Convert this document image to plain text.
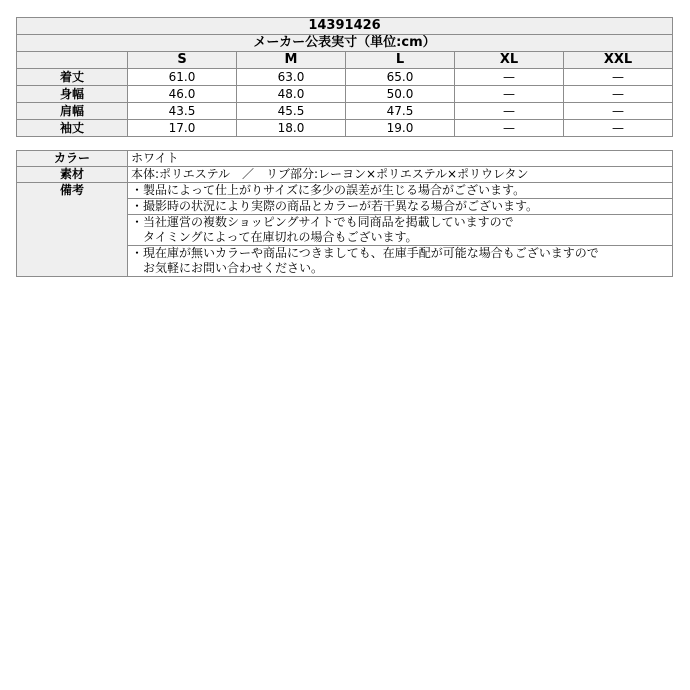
14391426					
メーカー公表実寸（単位:cm）					
	S	M	L	XL	XXL
着丈	61.0	63.0	65.0	—	—
身幅	46.0	48.0	50.0	—	—
肩幅	43.5	45.5	47.5	—	—
袖丈	17.0	18.0	19.0	—	—
カラー	ホワイト
素材	本体:ポリエステル　／　リブ部分:レーヨン×ポリエステル×ポリウレタン
備考	・製品によって仕上がりサイズに多少の誤差が生じる場合がございます。

	・撮影時の状況により実際の商品とカラーが若干異なる場合がございます。

	・当社運営の複数ショッピングサイトでも同商品を掲載していますので
　タイミングによって在庫切れの場合もございます。

	・現在庫が無いカラーや商品につきましても、在庫手配が可能な場合もございますので
　お気軽にお問い合わせください。
